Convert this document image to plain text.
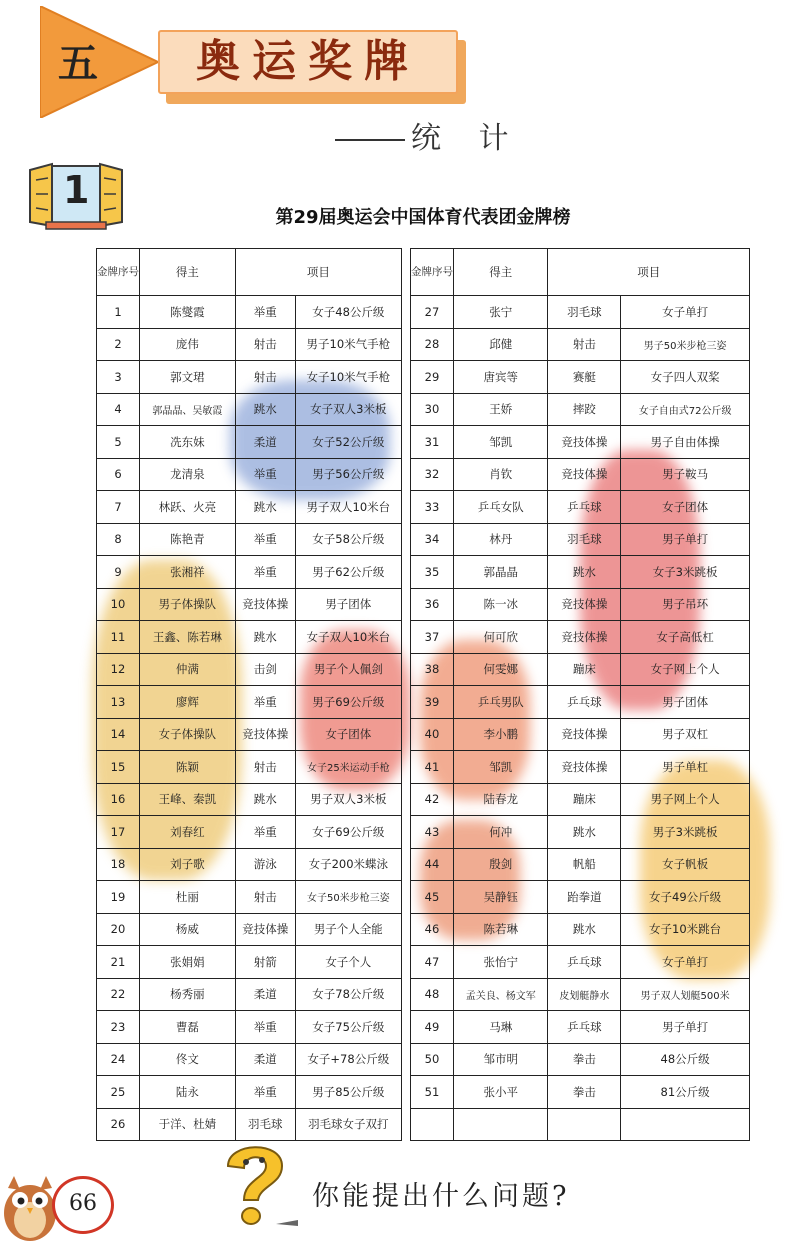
五	奥运奖牌
统 计
1
第29届奥运会中国体育代表团金牌榜
金牌序号	得主	项目	
1	陈燮霞	举重	女子48公斤级
2	庞伟	射击	男子10米气手枪
3	郭文珺	射击	女子10米气手枪
4	郭晶晶、吴敏霞	跳水	女子双人3米板
5	冼东妹	柔道	女子52公斤级
6	龙清泉	举重	男子56公斤级
7	林跃、火亮	跳水	男子双人10米台
8	陈艳青	举重	女子58公斤级
9	张湘祥	举重	男子62公斤级
10	男子体操队	竞技体操	男子团体
11	王鑫、陈若琳	跳水	女子双人10米台
12	仲满	击剑	男子个人佩剑
13	廖辉	举重	男子69公斤级
14	女子体操队	竞技体操	女子团体
15	陈颖	射击	女子25米运动手枪
16	王峰、秦凯	跳水	男子双人3米板
17	刘春红	举重	女子69公斤级
18	刘子歌	游泳	女子200米蝶泳
19	杜丽	射击	女子50米步枪三姿
20	杨威	竞技体操	男子个人全能
21	张娟娟	射箭	女子个人
22	杨秀丽	柔道	女子78公斤级
23	曹磊	举重	女子75公斤级
24	佟文	柔道	女子+78公斤级
25	陆永	举重	男子85公斤级
26	于洋、杜婧	羽毛球	羽毛球女子双打
金牌序号	得主	项目	
27	张宁	羽毛球	女子单打
28	邱健	射击	男子50米步枪三姿
29	唐宾等	赛艇	女子四人双桨
30	王娇	摔跤	女子自由式72公斤级
31	邹凯	竞技体操	男子自由体操
32	肖钦	竞技体操	男子鞍马
33	乒乓女队	乒乓球	女子团体
34	林丹	羽毛球	男子单打
35	郭晶晶	跳水	女子3米跳板
36	陈一冰	竞技体操	男子吊环
37	何可欣	竞技体操	女子高低杠
38	何雯娜	蹦床	女子网上个人
39	乒乓男队	乒乓球	男子团体
40	李小鹏	竞技体操	男子双杠
41	邹凯	竞技体操	男子单杠
42	陆春龙	蹦床	男子网上个人
43	何冲	跳水	男子3米跳板
44	殷剑	帆船	女子帆板
45	吴静钰	跆拳道	女子49公斤级
46	陈若琳	跳水	女子10米跳台
47	张怡宁	乒乓球	女子单打
48	孟关良、杨文军	皮划艇静水	男子双人划艇500米
49	马琳	乒乓球	男子单打
50	邹市明	拳击	48公斤级
51	张小平	拳击	81公斤级

你能提出什么问题?
66
